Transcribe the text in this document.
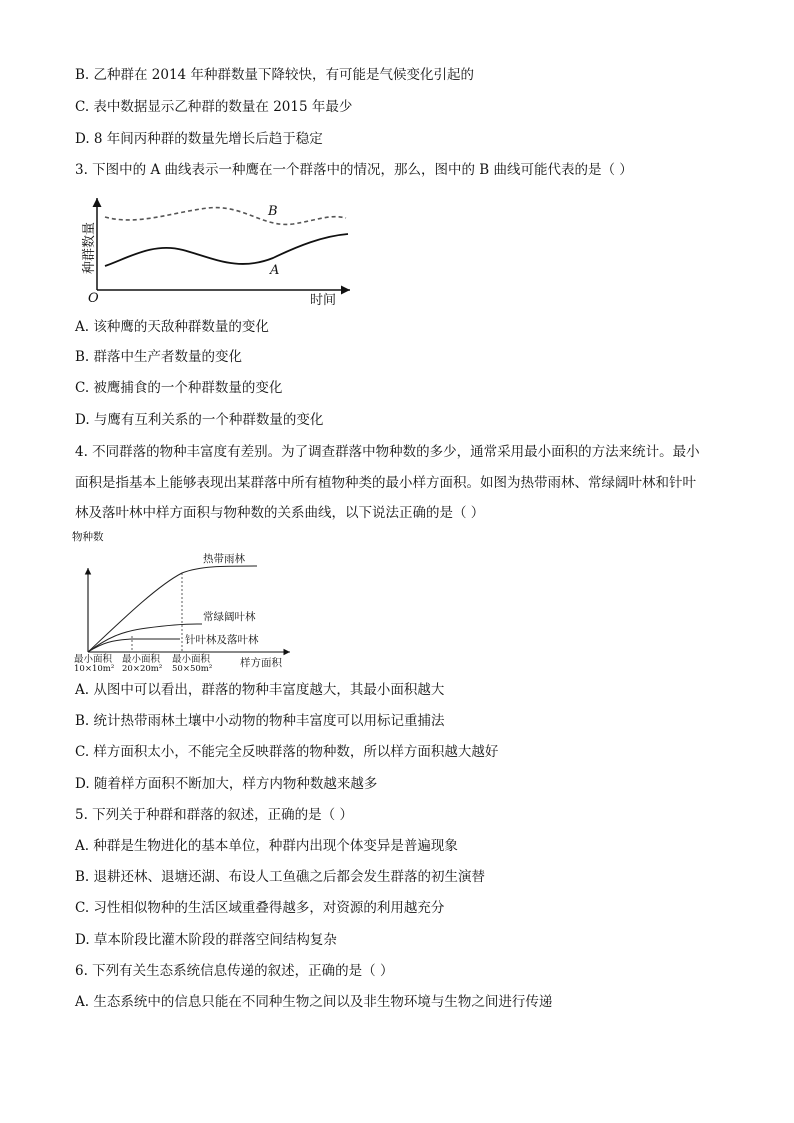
B. 乙种群在 2014 年种群数量下降较快，有可能是气候变化引起的
C. 表中数据显示乙种群的数量在 2015 年最少
D. 8 年间丙种群的数量先增长后趋于稳定
3. 下图中的 A 曲线表示一种鹰在一个群落中的情况，那么，图中的 B 曲线可能代表的是（ ）
种群数量
O	时间
B
A
A. 该种鹰的天敌种群数量的变化
B. 群落中生产者数量的变化
C. 被鹰捕食的一个种群数量的变化
D. 与鹰有互利关系的一个种群数量的变化
4. 不同群落的物种丰富度有差别。为了调查群落中物种数的多少，通常采用最小面积的方法来统计。最小
面积是指基本上能够表现出某群落中所有植物种类的最小样方面积。如图为热带雨林、常绿阔叶林和针叶
林及落叶林中样方面积与物种数的关系曲线，以下说法正确的是（ ）
物种数
热带雨林
常绿阔叶林
针叶林及落叶林
最小面积
10×10m²
最小面积
20×20m²
最小面积
50×50m²	样方面积
A. 从图中可以看出，群落的物种丰富度越大，其最小面积越大
B. 统计热带雨林土壤中小动物的物种丰富度可以用标记重捕法
C. 样方面积太小，不能完全反映群落的物种数，所以样方面积越大越好
D. 随着样方面积不断加大，样方内物种数越来越多
5. 下列关于种群和群落的叙述，正确的是（ ）
A. 种群是生物进化的基本单位，种群内出现个体变异是普遍现象
B. 退耕还林、退塘还湖、布设人工鱼礁之后都会发生群落的初生演替
C. 习性相似物种的生活区域重叠得越多，对资源的利用越充分
D. 草本阶段比灌木阶段的群落空间结构复杂
6. 下列有关生态系统信息传递的叙述，正确的是（ ）
A. 生态系统中的信息只能在不同种生物之间以及非生物环境与生物之间进行传递
